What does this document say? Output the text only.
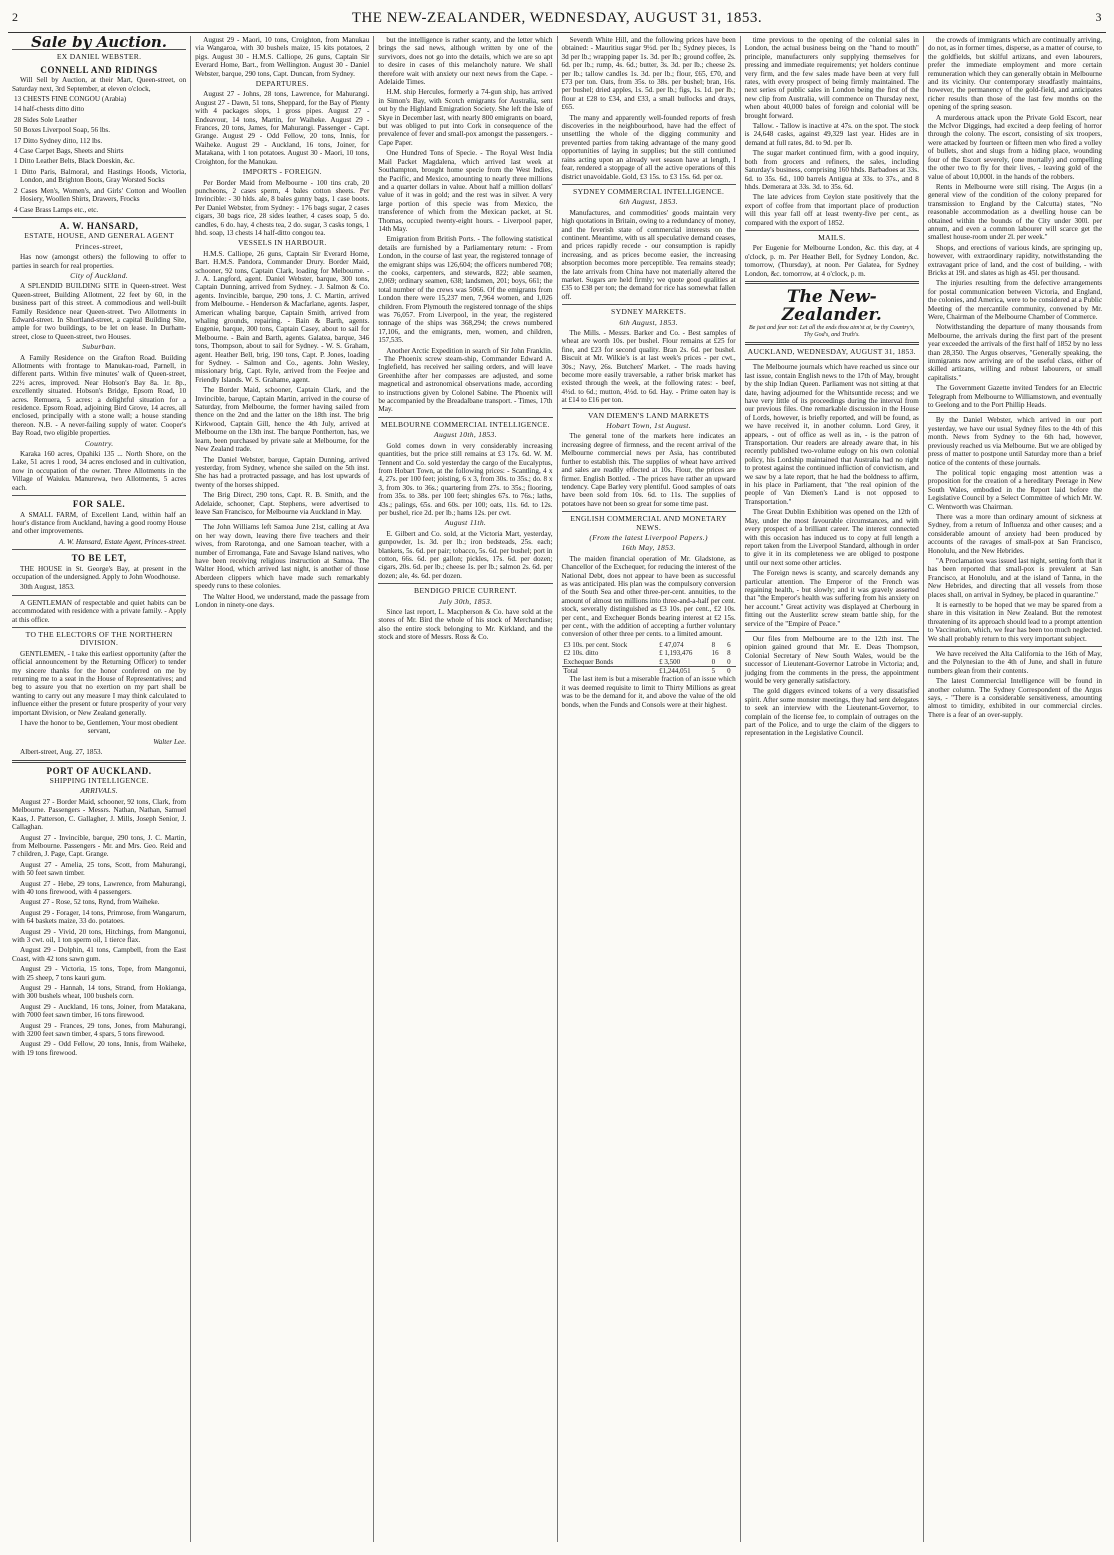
2	THE NEW-ZEALANDER, WEDNESDAY, AUGUST 31, 1853.	3
Sale by Auction.
EX DANIEL WEBSTER.
CONNELL AND RIDINGS

Will Sell by Auction, at their Mart, Queen-street, on Saturday next, 3rd September, at eleven o'clock,

13 CHESTS FINE CONGOU (Arabia)

14 half-chests ditto ditto

28 Sides Sole Leather

50 Boxes Liverpool Soap, 56 lbs.

17 Ditto Sydney ditto, 112 lbs.

4 Case Carpet Bags, Sheets and Shirts

1 Ditto Leather Belts, Black Doeskin, &c.

1 Ditto Paris, Balmoral, and Hastings Hoods, Victoria, London, and Brighton Boots, Gray Worsted Socks

2 Cases Men's, Women's, and Girls' Cotton and Woollen Hosiery, Woollen Shirts, Drawers, Frocks

4 Case Brass Lamps etc., etc.

A. W. HANSARD,
ESTATE, HOUSE, AND GENERAL AGENT
Princes-street,

Has now (amongst others) the following to offer to parties in search for real properties.

City of Auckland.

A SPLENDID BUILDING SITE in Queen-street. West Queen-street, Building Allotment, 22 feet by 60, in the business part of this street. A commodious and well-built Family Residence near Queen-street. Two Allotments in Edward-street. In Shortland-street, a capital Building Site, ample for two buildings, to be let on lease. In Durham-street, close to Queen-street, two Houses.

Suburban.

A Family Residence on the Grafton Road. Building Allotments with frontage to Manukau-road, Parnell, in different parts. Within five minutes' walk of Queen-street, 22½ acres, improved. Near Hobson's Bay 8a. 1r. 8p., excellently situated. Hobson's Bridge, Epsom Road, 10 acres. Remuera, 5 acres: a delightful situation for a residence. Epsom Road, adjoining Bird Grove, 14 acres, all enclosed, principally with a stone wall; a house standing thereon. N.B. - A never-failing supply of water. Cooper's Bay Road, two eligible properties.

Country.

Karaka 160 acres, Opahiki 135 ... North Shore, on the Lake, 51 acres 1 rood, 34 acres enclosed and in cultivation, now in occupation of the owner. Three Allotments in the Village of Waiuku. Manurewa, two Allotments, 5 acres each.

FOR SALE.

A SMALL FARM, of Excellent Land, within half an hour's distance from Auckland, having a good roomy House and other improvements.

A. W. Hansard, Estate Agent, Princes-street.

TO BE LET,

THE HOUSE in St. George's Bay, at present in the occupation of the undersigned. Apply to John Woodhouse.

30th August, 1853.

A GENTLEMAN of respectable and quiet habits can be accommodated with residence with a private family. - Apply at this office.

TO THE ELECTORS OF THE NORTHERN DIVISION.

GENTLEMEN, - I take this earliest opportunity (after the official announcement by the Returning Officer) to tender my sincere thanks for the honor conferred on me by returning me to a seat in the House of Representatives; and beg to assure you that no exertion on my part shall be wanting to carry out any measure I may think calculated to influence either the present or future prosperity of your very important Division, or New Zealand generally.

I have the honor to be, Gentlemen, Your most obedient servant,

Walter Lee.

Albert-street, Aug. 27, 1853.

PORT OF AUCKLAND.
SHIPPING INTELLIGENCE.
ARRIVALS.

August 27 - Border Maid, schooner, 92 tons, Clark, from Melbourne. Passengers - Messrs. Nathan, Nathan, Samuel Kaas, J. Patterson, C. Gallagher, J. Mills, Joseph Senior, J. Callaghan.

August 27 - Invincible, barque, 290 tons, J. C. Martin, from Melbourne. Passengers - Mr. and Mrs. Geo. Reid and 7 children, J. Page, Capt. Grange.

August 27 - Amelia, 25 tons, Scott, from Mahurangi, with 50 feet sawn timber.

August 27 - Hebe, 29 tons, Lawrence, from Mahurangi, with 40 tons firewood, with 4 passengers.

August 27 - Rose, 52 tons, Rynd, from Waiheke.

August 29 - Forager, 14 tons, Primrose, from Wangarurn, with 64 baskets maize, 33 do. potatoes.

August 29 - Vivid, 20 tons, Hitchings, from Mangonui, with 3 cwt. oil, 1 ton sperm oil, 1 tierce flax.

August 29 - Dolphin, 41 tons, Campbell, from the East Coast, with 42 tons sawn gum.

August 29 - Victoria, 15 tons, Tope, from Mangonui, with 25 sheep, 7 tons kauri gum.

August 29 - Hannah, 14 tons, Strand, from Hokianga, with 300 bushels wheat, 100 bushels corn.

August 29 - Auckland, 16 tons, Joiner, from Matakana, with 7000 feet sawn timber, 16 tons firewood.

August 29 - Frances, 29 tons, Jones, from Mahurangi, with 3200 feet sawn timber, 4 spars, 5 tons firewood.

August 29 - Odd Fellow, 20 tons, Innis, from Waiheke, with 19 tons firewood.

August 29 - Maori, 10 tons, Croighton, from Manukau via Wangaroa, with 30 bushels maize, 15 kits potatoes, 2 pigs. August 30 - H.M.S. Calliope, 26 guns, Captain Sir Everard Home, Bart., from Wellington. August 30 - Daniel Webster, barque, 290 tons, Capt. Duncan, from Sydney.

DEPARTURES.

August 27 - Johns, 28 tons, Lawrence, for Mahurangi. August 27 - Dawn, 51 tons, Sheppard, for the Bay of Plenty with 4 packages slops, 1 gross pipes. August 27 - Endeavour, 14 tons, Martin, for Waiheke. August 29 - Frances, 20 tons, James, for Mahurangi. Passenger - Capt. Grange. August 29 - Odd Fellow, 20 tons, Innis, for Waiheke. August 29 - Auckland, 16 tons, Joiner, for Matakana, with 1 ton potatoes. August 30 - Maori, 10 tons, Croighton, for the Manukau.

IMPORTS - FOREIGN.

Per Border Maid from Melbourne - 100 tins crab, 20 puncheons, 2 cases sperm, 4 bales cotton sheets. Per Invincible: - 30 hlds. ale, 8 bales gunny bags, 1 case boots. Per Daniel Webster, from Sydney: - 176 bags sugar, 2 cases cigars, 30 bags rice, 28 sides leather, 4 cases soap, 5 do. candles, 6 do. hay, 4 chests tea, 2 do. sugar, 3 casks tongs, 1 hhd. soap, 13 chests 14 half-ditto congou tea.

VESSELS IN HARBOUR.

H.M.S. Calliope, 26 guns, Captain Sir Everard Home, Bart. H.M.S. Pandora, Commander Drury. Border Maid, schooner, 92 tons, Captain Clark, loading for Melbourne. - J. A. Langford, agent. Daniel Webster, barque, 300 tons, Captain Dunning, arrived from Sydney. - J. Salmon & Co. agents. Invincible, barque, 290 tons, J. C. Martin, arrived from Melbourne. - Henderson & Macfarlane, agents. Jasper, American whaling barque, Captain Smith, arrived from whaling grounds, repairing. - Bain & Barth, agents. Eugenie, barque, 300 tons, Captain Casey, about to sail for Melbourne. - Bain and Barth, agents. Galatea, barque, 346 tons, Thompson, about to sail for Sydney. - W. S. Graham, agent. Heather Bell, brig, 190 tons, Capt. P. Jones, loading for Sydney. - Salmon and Co., agents. John Wesley, missionary brig, Capt. Ryle, arrived from the Feejee and Friendly Islands. W. S. Grahame, agent.

The Border Maid, schooner, Captain Clark, and the Invincible, barque, Captain Martin, arrived in the course of Saturday, from Melbourne, the former having sailed from thence on the 2nd and the latter on the 18th inst. The brig Kirkwood, Captain Gill, hence the 4th July, arrived at Melbourne on the 13th inst. The barque Pontherton, has, we learn, been purchased by private sale at Melbourne, for the New Zealand trade.

The Daniel Webster, barque, Captain Dunning, arrived yesterday, from Sydney, whence she sailed on the 5th inst. She has had a protracted passage, and has lost upwards of twenty of the horses shipped.

The Brig Direct, 290 tons, Capt. R. B. Smith, and the Adelaide, schooner, Capt. Stephens, were advertised to leave San Francisco, for Melbourne via Auckland in May.

The John Williams left Samoa June 21st, calling at Ava on her way down, leaving there five teachers and their wives, from Rarotonga, and one Samoan teacher, with a number of Erromanga, Fate and Savage Island natives, who have been receiving religious instruction at Samoa. The Walter Hood, which arrived last night, is another of those Aberdeen clippers which have made such remarkably speedy runs to these colonies.

The Walter Hood, we understand, made the passage from London in ninety-one days.

but the intelligence is rather scanty, and the letter which brings the sad news, although written by one of the survivors, does not go into the details, which we are so apt to desire in cases of this melancholy nature. We shall therefore wait with anxiety our next news from the Cape. - Adelaide Times.

H.M. ship Hercules, formerly a 74-gun ship, has arrived in Simon's Bay, with Scotch emigrants for Australia, sent out by the Highland Emigration Society. She left the Isle of Skye in December last, with nearly 800 emigrants on board, but was obliged to put into Cork in consequence of the prevalence of fever and small-pox amongst the passengers. - Cape Paper.

One Hundred Tons of Specie. - The Royal West India Mail Packet Magdalena, which arrived last week at Southampton, brought home specie from the West Indies, the Pacific, and Mexico, amounting to nearly three millions and a quarter dollars in value. About half a million dollars' value of it was in gold; and the rest was in silver. A very large portion of this specie was from Mexico, the transference of which from the Mexican packet, at St. Thomas, occupied twenty-eight hours. - Liverpool paper, 14th May.

Emigration from British Ports. - The following statistical details are furnished by a Parliamentary return: - From London, in the course of last year, the registered tonnage of the emigrant ships was 126,604; the officers numbered 708; the cooks, carpenters, and stewards, 822; able seamen, 2,069; ordinary seamen, 638; landsmen, 201; boys, 661; the total number of the crews was 5066. Of the emigrants from London there were 15,237 men, 7,964 women, and 1,026 children. From Plymouth the registered tonnage of the ships was 76,057. From Liverpool, in the year, the registered tonnage of the ships was 368,294; the crews numbered 17,106, and the emigrants, men, women, and children, 157,535.

Another Arctic Expedition in search of Sir John Franklin. - The Phoenix screw steam-ship, Commander Edward A. Inglefield, has received her sailing orders, and will leave Greenhithe after her compasses are adjusted, and some magnetical and astronomical observations made, according to instructions given by Colonel Sabine. The Phoenix will be accompanied by the Breadalbane transport. - Times, 17th May.

MELBOURNE COMMERCIAL INTELLIGENCE.
August 10th, 1853.

Gold comes down in very considerably increasing quantities, but the price still remains at £3 17s. 6d. W. M. Tennent and Co. sold yesterday the cargo of the Eucalyptus, from Hobart Town, at the following prices: - Scantling, 4 x 4, 27s. per 100 feet; joisting, 6 x 3, from 30s. to 35s.; do. 8 x 3, from 30s. to 36s.; quartering from 27s. to 35s.; flooring, from 35s. to 38s. per 100 feet; shingles 67s. to 76s.; laths, 43s.; palings, 65s. and 60s. per 100; oats, 11s. 6d. to 12s. per bushel, rice 2d. per lb.; hams 12s. per cwt.

August 11th.

E. Gilbert and Co. sold, at the Victoria Mart, yesterday, gunpowder, 1s. 3d. per lb.; iron bedsteads, 25s. each; blankets, 5s. 6d. per pair; tobacco, 5s. 6d. per bushel; port in cotton, 66s. 6d. per gallon; pickles, 17s. 6d. per dozen; cigars, 20s. 6d. per lb.; cheese 1s. per lb.; salmon 2s. 6d. per dozen; ale, 4s. 6d. per dozen.

BENDIGO PRICE CURRENT.
July 30th, 1853.

Since last report, L. Macpherson & Co. have sold at the stores of Mr. Bird the whole of his stock of Merchandise; also the entire stock belonging to Mr. Kirkland, and the stock and store of Messrs. Ross & Co.

Seventh White Hill, and the following prices have been obtained: - Mauritius sugar 9½d. per lb.; Sydney pieces, 1s 3d per lb.; wrapping paper 1s. 3d. per lb.; ground coffee, 2s. 6d. per lb.; rump, 4s. 6d.; butter, 3s. 3d. per lb.; cheese 2s. per lb.; tallow candles 1s. 3d. per lb.; flour, £65, £70, and £73 per ton. Oats, from 35s. to 38s. per bushel; bran, 16s. per bushel; dried apples, 1s. 5d. per lb.; figs, 1s. 1d. per lb.; flour at £28 to £34, and £33, a small bullocks and drays, £65.

The many and apparently well-founded reports of fresh discoveries in the neighbourhood, have had the effect of unsettling the whole of the digging community and prevented parties from taking advantage of the many good opportunities of laying in supplies; but the still contiuned rains acting upon an already wet season have at length, I fear, rendered a stoppage of all the active operations of this district unavoidable. Gold, £3 15s. to £3 15s. 6d. per oz.

SYDNEY COMMERCIAL INTELLIGENCE.
6th August, 1853.

Manufactures, and commodities' goods maintain very high quotations in Britain, owing to a redundancy of money, and the feverish state of commercial interests on the continent. Meantime, with us all speculative demand ceases, and prices rapidly recede - our consumption is rapidly increasing, and as prices become easier, the increasing absorption becomes more perceptible. Tea remains steady; the late arrivals from China have not materially altered the market. Sugars are held firmly; we quote good qualities at £35 to £38 per ton; the demand for rice has somewhat fallen off.

SYDNEY MARKETS.
6th August, 1853.

The Mills. - Messrs. Barker and Co. - Best samples of wheat are worth 10s. per bushel. Flour remains at £25 for fine, and £23 for second quality. Bran 2s. 6d. per bushel. Biscuit at Mr. Wilkie's is at last week's prices - per cwt., 30s.; Navy, 26s. Butchers' Market. - The roads having become more easily traversable, a rather brisk market has existed through the week, at the following rates: - beef, 4½d. to 6d.; mutton, 4½d. to 6d. Hay. - Prime oaten hay is at £14 to £16 per ton.

VAN DIEMEN'S LAND MARKETS
Hobart Town, 1st August.

The general tone of the markets here indicates an increasing degree of firmness, and the recent arrival of the Melbourne commercial news per Asia, has contributed further to establish this. The supplies of wheat have arrived and sales are readily effected at 10s. Flour, the prices are firmer. English Bottled. - The prices have rather an upward tendency. Cape Barley very plentiful. Good samples of oats have been sold from 10s. 6d. to 11s. The supplies of potatoes have not been so great for some time past.

ENGLISH COMMERCIAL AND MONETARY NEWS.
(From the latest Liverpool Papers.)
16th May, 1853.

The maiden financial operation of Mr. Gladstone, as Chancellor of the Exchequer, for reducing the interest of the National Debt, does not appear to have been as successful as was anticipated. His plan was the compulsory conversion of the South Sea and other three-per-cent. annuities, to the amount of almost ten millions into three-and-a-half per cent. stock, severally distinguished as £3 10s. per cent., £2 10s. per cent., and Exchequer Bonds bearing interest at £2 15s. per cent., with the addition of accepting a further voluntary conversion of other three per cents. to a limited amount.

£3 10s. per cent. Stock	£ 47,074	8	6
£2 10s. ditto	£ 1,193,476	16	8
Exchequer Bonds	£ 3,500	0	0
Total	£1,244,051	5	0

The last item is but a miserable fraction of an issue which it was deemed requisite to limit to Thirty Millions as great was to be the demand for it, and above the value of the old bonds, when the Funds and Consols were at their highest.

time previous to the opening of the colonial sales in London, the actual business being on the "hand to mouth" principle, manufacturers only supplying themselves for pressing and immediate requirements; yet holders continue very firm, and the few sales made have been at very full rates, with every prospect of being firmly maintained. The next series of public sales in London being the first of the new clip from Australia, will commence on Thursday next, when about 40,000 bales of foreign and colonial will be brought forward.

Tallow. - Tallow is inactive at 47s. on the spot. The stock is 24,648 casks, against 49,329 last year. Hides are in demand at full rates, 8d. to 9d. per lb.

The sugar market continued firm, with a good inquiry, both from grocers and refiners, the sales, including Saturday's business, comprising 160 hhds. Barbadoes at 33s. 6d. to 35s. 6d., 100 barrels Antigua at 33s. to 37s., and 8 hhds. Demerara at 33s. 3d. to 35s. 6d.

The late advices from Ceylon state positively that the export of coffee from that important place of production will this year fall off at least twenty-five per cent., as compared with the export of 1852.

MAILS.

Per Eugenie for Melbourne London, &c. this day, at 4 o'clock, p. m. Per Heather Bell, for Sydney London, &c. tomorrow, (Thursday), at noon. Per Galatea, for Sydney London, &c. tomorrow, at 4 o'clock, p. m.

The New-Zealander.
Be just and fear not: Let all the ends thou aim'st at, be thy Country's, Thy God's, and Truth's.
AUCKLAND, WEDNESDAY, AUGUST 31, 1853.

The Melbourne journals which have reached us since our last issue, contain English news to the 17th of May, brought by the ship Indian Queen. Parliament was not sitting at that date, having adjourned for the Whitsuntide recess; and we have very little of its proceedings during the interval from our previous files. One remarkable discussion in the House of Lords, however, is briefly reported, and will be found, as we have received it, in another column. Lord Grey, it appears, - out of office as well as in, - is the patron of Transportation. Our readers are already aware that, in his recently published two-volume eulogy on his own colonial policy, his Lordship maintained that Australia had no right to protest against the continued infliction of convictism, and we saw by a late report, that he had the boldness to affirm, in his place in Parliament, that "the real opinion of the people of Van Diemen's Land is not opposed to Transportation."

The Great Dublin Exhibition was opened on the 12th of May, under the most favourable circumstances, and with every prospect of a brilliant career. The interest connected with this occasion has induced us to copy at full length a report taken from the Liverpool Standard, although in order to give it in its completeness we are obliged to postpone until our next some other articles.

The Foreign news is scanty, and scarcely demands any particular attention. The Emperor of the French was regaining health, - but slowly; and it was gravely asserted that "the Emperor's health was suffering from his anxiety on her account." Great activity was displayed at Cherbourg in fitting out the Austerlitz screw steam battle ship, for the service of the "Empire of Peace."

Our files from Melbourne are to the 12th inst. The opinion gained ground that Mr. E. Deas Thompson, Colonial Secretary of New South Wales, would be the successor of Lieutenant-Governor Latrobe in Victoria; and, judging from the comments in the press, the appointment would be very generally satisfactory.

The gold diggers evinced tokens of a very dissatisfied spirit. After some monster meetings, they had sent delegates to seek an interview with the Lieutenant-Governor, to complain of the license fee, to complain of outrages on the part of the Police, and to urge the claim of the diggers to representation in the Legislative Council.

the crowds of immigrants which are continually arriving, do not, as in former times, disperse, as a matter of course, to the goldfields, but skilful artizans, and even labourers, prefer the immediate employment and more certain remuneration which they can generally obtain in Melbourne and its vicinity. Our contemporary steadfastly maintains, however, the permanency of the gold-field, and anticipates richer results than those of the last few months on the opening of the spring season.

A murderous attack upon the Private Gold Escort, near the McIvor Diggings, had excited a deep feeling of horror through the colony. The escort, consisting of six troopers, were attacked by fourteen or fifteen men who fired a volley of bullets, shot and slugs from a hiding place, wounding four of the Escort severely, (one mortally) and compelling the other two to fly for their lives, - leaving gold of the value of about 10,000l. in the hands of the robbers.

Rents in Melbourne were still rising. The Argus (in a general view of the condition of the colony prepared for transmission to England by the Calcutta) states, "No reasonable accommodation as a dwelling house can be obtained within the bounds of the City under 300l. per annum, and even a common labourer will scarce get the smallest house-room under 2l. per week."

Shops, and erections of various kinds, are springing up, however, with extraordinary rapidity, notwithstanding the extravagant price of land, and the cost of building, - with Bricks at 19l. and slates as high as 45l. per thousand.

The injuries resulting from the defective arrangements for postal communication between Victoria, and England, the colonies, and America, were to be considered at a Public Meeting of the mercantile community, convened by Mr. Were, Chairman of the Melbourne Chamber of Commerce.

Notwithstanding the departure of many thousands from Melbourne, the arrivals during the first part of the present year exceeded the arrivals of the first half of 1852 by no less than 28,350. The Argus observes, "Generally speaking, the immigrants now arriving are of the useful class, either of skilled artizans, willing and robust labourers, or small capitalists."

The Government Gazette invited Tenders for an Electric Telegraph from Melbourne to Williamstown, and eventually to Geelong and to the Port Phillip Heads.

By the Daniel Webster, which arrived in our port yesterday, we have our usual Sydney files to the 4th of this month. News from Sydney to the 6th had, however, previously reached us via Melbourne. But we are obliged by press of matter to postpone until Saturday more than a brief notice of the contents of these journals.

The political topic engaging most attention was a proposition for the creation of a hereditary Peerage in New South Wales, embodied in the Report laid before the Legislative Council by a Select Committee of which Mr. W. C. Wentworth was Chairman.

There was a more than ordinary amount of sickness at Sydney, from a return of Influenza and other causes; and a considerable amount of anxiety had been produced by accounts of the ravages of small-pox at San Francisco, Honolulu, and the New Hebrides.

"A Proclamation was issued last night, setting forth that it has been reported that small-pox is prevalent at San Francisco, at Honolulu, and at the island of Tanna, in the New Hebrides, and directing that all vessels from those places shall, on arrival in Sydney, be placed in quarantine."

It is earnestly to be hoped that we may be spared from a share in this visitation in New Zealand. But the remotest threatening of its approach should lead to a prompt attention to Vaccination, which, we fear has been too much neglected. We shall probably return to this very important subject.

We have received the Alta California to the 16th of May, and the Polynesian to the 4th of June, and shall in future numbers glean from their contents.

The latest Commercial Intelligence will be found in another column. The Sydney Correspondent of the Argus says, - "There is a considerable sensitiveness, amounting almost to timidity, exhibited in our commercial circles. There is a fear of an over-supply.
